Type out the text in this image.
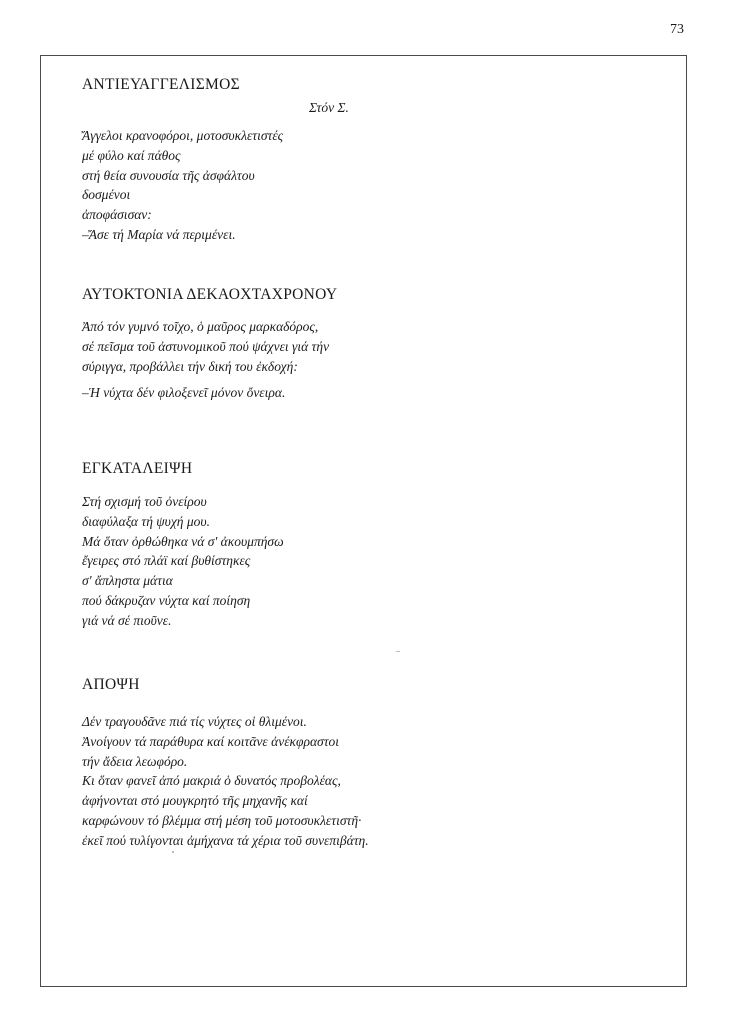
73
ΑΝΤΙΕΥΑΓΓΕΛΙΣΜΟΣ
Στόν Σ.
Ἄγγελοι κρανοφόροι, μοτοσυκλετιστές
μέ φύλο καί πάθος
στή θεία συνουσία τῆς ἀσφάλτου
δοσμένοι
ἀποφάσισαν:
–Ἄσε τή Μαρία νά περιμένει.
ΑΥΤΟΚΤΟΝΙΑ ΔΕΚΑΟΧΤΑΧΡΟΝΟΥ
Ἀπό τόν γυμνό τοῖχο, ὁ μαῦρος μαρκαδόρος,
σέ πεῖσμα τοῦ ἀστυνομικοῦ πού ψάχνει γιά τήν
σύριγγα, προβάλλει τήν δική του ἐκδοχή:
–Ἡ νύχτα δέν φιλοξενεῖ μόνον ὄνειρα.
ΕΓΚΑΤΑΛΕΙΨΗ
Στή σχισμή τοῦ ὀνείρου
διαφύλαξα τή ψυχή μου.
Μά ὅταν ὀρθώθηκα νά σ' ἀκουμπήσω
ἔγειρες στό πλάϊ καί βυθίστηκες
σ' ἄπληστα μάτια
πού δάκρυζαν νύχτα καί ποίηση
γιά νά σέ πιοῦνε.
ΑΠΟΨΗ
Δέν τραγουδᾶνε πιά τίς νύχτες οἱ θλιμένοι.
Ἀνοίγουν τά παράθυρα καί κοιτᾶνε ἀνέκφραστοι
τήν ἄδεια λεωφόρο.
Κι ὅταν φανεῖ ἀπό μακριά ὁ δυνατός προβολέας,
ἀφήνονται στό μουγκρητό τῆς μηχανῆς καί
καρφώνουν τό βλέμμα στή μέση τοῦ μοτοσυκλετιστῆ·
ἐκεῖ πού τυλίγονται ἀμήχανα τά χέρια τοῦ συνεπιβάτη.
